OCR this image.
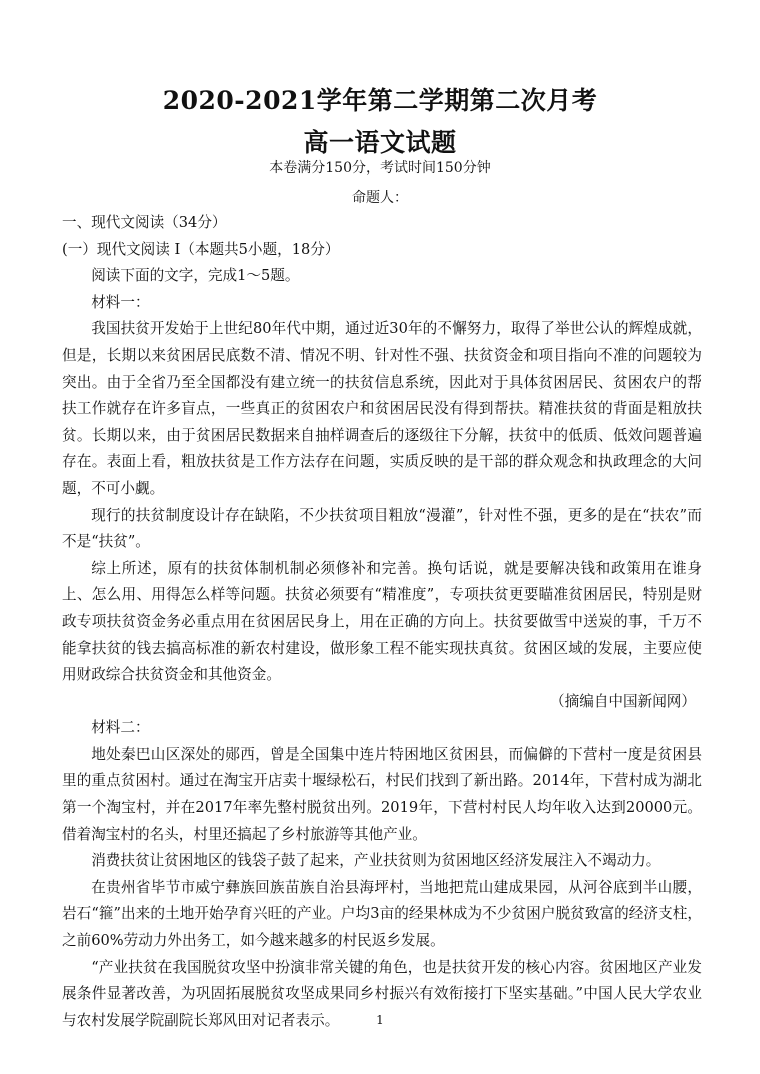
2020-2021学年第二学期第二次月考
高一语文试题
本卷满分150分，考试时间150分钟
命题人：

一、现代文阅读（34分）

(一）现代文阅读 I（本题共5小题，18分）

阅读下面的文字，完成1～5题。

材料一：

我国扶贫开发始于上世纪80年代中期，通过近30年的不懈努力，取得了举世公认的辉煌成就，但是，长期以来贫困居民底数不清、情况不明、针对性不强、扶贫资金和项目指向不准的问题较为突出。由于全省乃至全国都没有建立统一的扶贫信息系统，因此对于具体贫困居民、贫困农户的帮扶工作就存在许多盲点，一些真正的贫困农户和贫困居民没有得到帮扶。精准扶贫的背面是粗放扶贫。长期以来，由于贫困居民数据来自抽样调查后的逐级往下分解，扶贫中的低质、低效问题普遍存在。表面上看，粗放扶贫是工作方法存在问题，实质反映的是干部的群众观念和执政理念的大问题，不可小觑。

现行的扶贫制度设计存在缺陷，不少扶贫项目粗放“漫灌”，针对性不强，更多的是在“扶农”而不是“扶贫”。

综上所述，原有的扶贫体制机制必须修补和完善。换句话说，就是要解决钱和政策用在谁身上、怎么用、用得怎么样等问题。扶贫必须要有“精准度”，专项扶贫更要瞄准贫困居民，特别是财政专项扶贫资金务必重点用在贫困居民身上，用在正确的方向上。扶贫要做雪中送炭的事，千万不能拿扶贫的钱去搞高标准的新农村建设，做形象工程不能实现扶真贫。贫困区域的发展，主要应使用财政综合扶贫资金和其他资金。

（摘编自中国新闻网）

材料二：

地处秦巴山区深处的郧西，曾是全国集中连片特困地区贫困县，而偏僻的下营村一度是贫困县里的重点贫困村。通过在淘宝开店卖十堰绿松石，村民们找到了新出路。2014年，下营村成为湖北第一个淘宝村，并在2017年率先整村脱贫出列。2019年，下营村村民人均年收入达到20000元。借着淘宝村的名头，村里还搞起了乡村旅游等其他产业。

消费扶贫让贫困地区的钱袋子鼓了起来，产业扶贫则为贫困地区经济发展注入不竭动力。

在贵州省毕节市威宁彝族回族苗族自治县海坪村，当地把荒山建成果园，从河谷底到半山腰，岩石“箍”出来的土地开始孕育兴旺的产业。户均3亩的经果林成为不少贫困户脱贫致富的经济支柱，之前60%劳动力外出务工，如今越来越多的村民返乡发展。

“产业扶贫在我国脱贫攻坚中扮演非常关键的角色，也是扶贫开发的核心内容。贫困地区产业发展条件显著改善，为巩固拓展脱贫攻坚成果同乡村振兴有效衔接打下坚实基础。”中国人民大学农业与农村发展学院副院长郑风田对记者表示。	1
